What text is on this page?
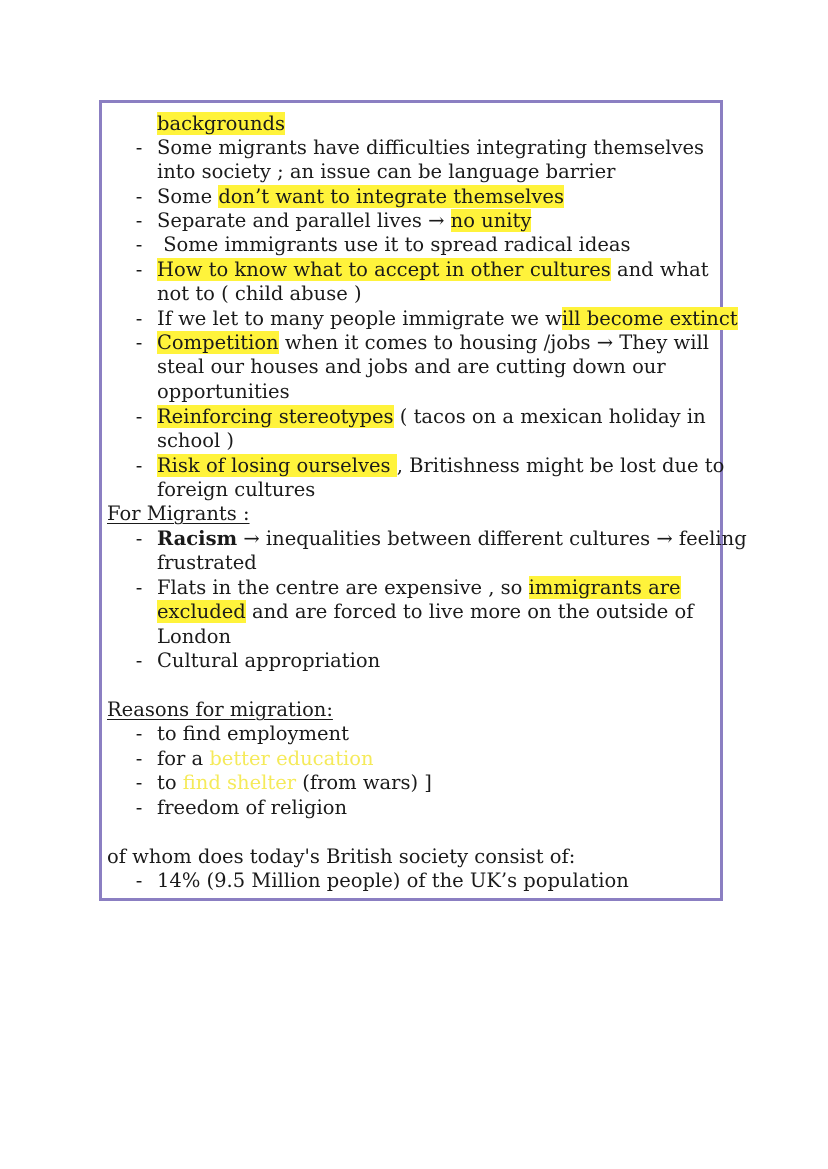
backgrounds
- Some migrants have difficulties integrating themselves
into society ; an issue can be language barrier
- Some don’t want to integrate themselves
- Separate and parallel lives → no unity
- Some immigrants use it to spread radical ideas
- How to know what to accept in other cultures and what
not to ( child abuse )
- If we let to many people immigrate we will become extinct
- Competition when it comes to housing /jobs → They will
steal our houses and jobs and are cutting down our
opportunities
- Reinforcing stereotypes ( tacos on a mexican holiday in
school )
- Risk of losing ourselves , Britishness might be lost due to
foreign cultures
For Migrants :
- Racism → inequalities between different cultures → feeling
frustrated
- Flats in the centre are expensive , so immigrants are
excluded and are forced to live more on the outside of
London
- Cultural appropriation
Reasons for migration:
- to find employment
- for a better education
- to find shelter (from wars) ]
- freedom of religion
of whom does today's British society consist of:
- 14% (9.5 Million people) of the UK’s population
